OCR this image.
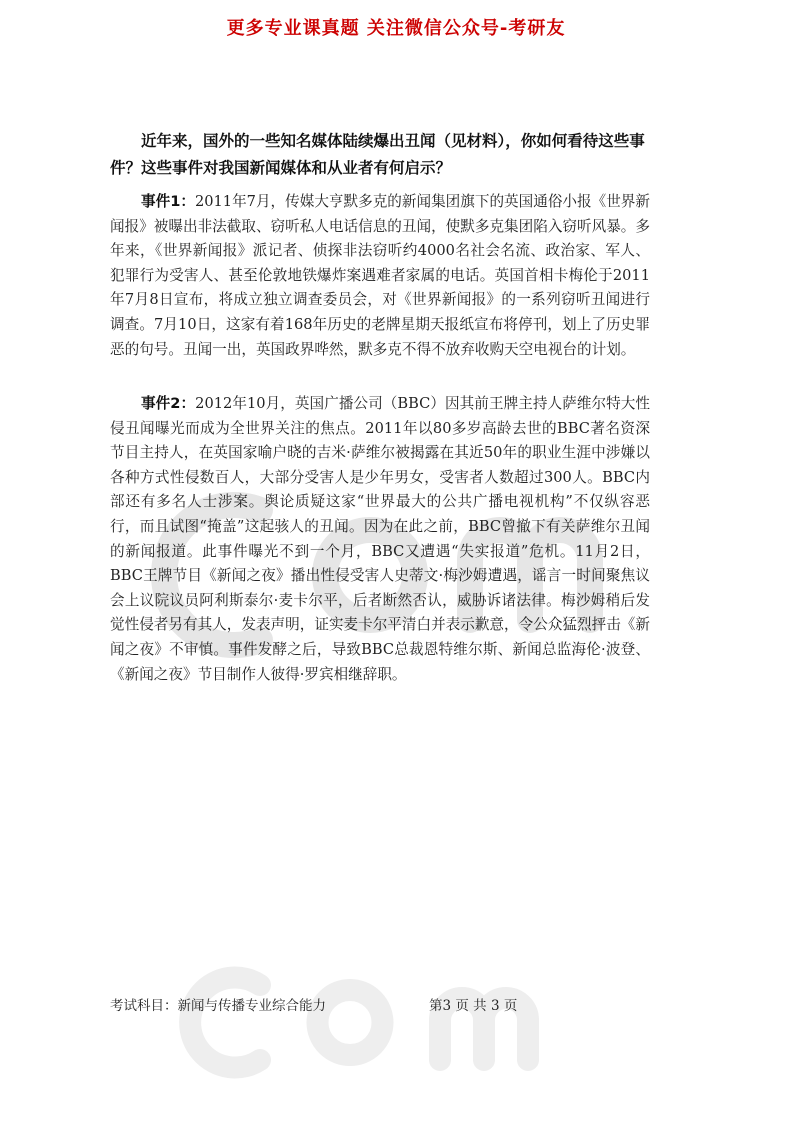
更多专业课真题 关注微信公众号-考研友
近年来，国外的一些知名媒体陆续爆出丑闻（见材料），你如何看待这些事件？这些事件对我国新闻媒体和从业者有何启示？
事件1：2011年7月，传媒大亨默多克的新闻集团旗下的英国通俗小报《世界新闻报》被曝出非法截取、窃听私人电话信息的丑闻，使默多克集团陷入窃听风暴。多年来，《世界新闻报》派记者、侦探非法窃听约4000名社会名流、政治家、军人、犯罪行为受害人、甚至伦敦地铁爆炸案遇难者家属的电话。英国首相卡梅伦于2011年7月8日宣布，将成立独立调查委员会，对《世界新闻报》的一系列窃听丑闻进行调查。7月10日，这家有着168年历史的老牌星期天报纸宣布将停刊，划上了历史罪恶的句号。丑闻一出，英国政界哗然，默多克不得不放弃收购天空电视台的计划。
事件2：2012年10月，英国广播公司（BBC）因其前王牌主持人萨维尔特大性侵丑闻曝光而成为全世界关注的焦点。2011年以80多岁高龄去世的BBC著名资深节目主持人，在英国家喻户晓的吉米·萨维尔被揭露在其近50年的职业生涯中涉嫌以各种方式性侵数百人，大部分受害人是少年男女，受害者人数超过300人。BBC内部还有多名人士涉案。舆论质疑这家“世界最大的公共广播电视机构”不仅纵容恶行，而且试图“掩盖”这起骇人的丑闻。因为在此之前，BBC曾撤下有关萨维尔丑闻的新闻报道。此事件曝光不到一个月，BBC又遭遇“失实报道”危机。11月2日，BBC王牌节目《新闻之夜》播出性侵受害人史蒂文·梅沙姆遭遇，谣言一时间聚焦议会上议院议员阿利斯泰尔·麦卡尔平，后者断然否认，威胁诉诸法律。梅沙姆稍后发觉性侵者另有其人，发表声明，证实麦卡尔平清白并表示歉意，令公众猛烈抨击《新闻之夜》不审慎。事件发酵之后，导致BBC总裁恩特维尔斯、新闻总监海伦·波登、《新闻之夜》节目制作人彼得·罗宾相继辞职。
考试科目：新闻与传播专业综合能力	第3 页 共 3 页
